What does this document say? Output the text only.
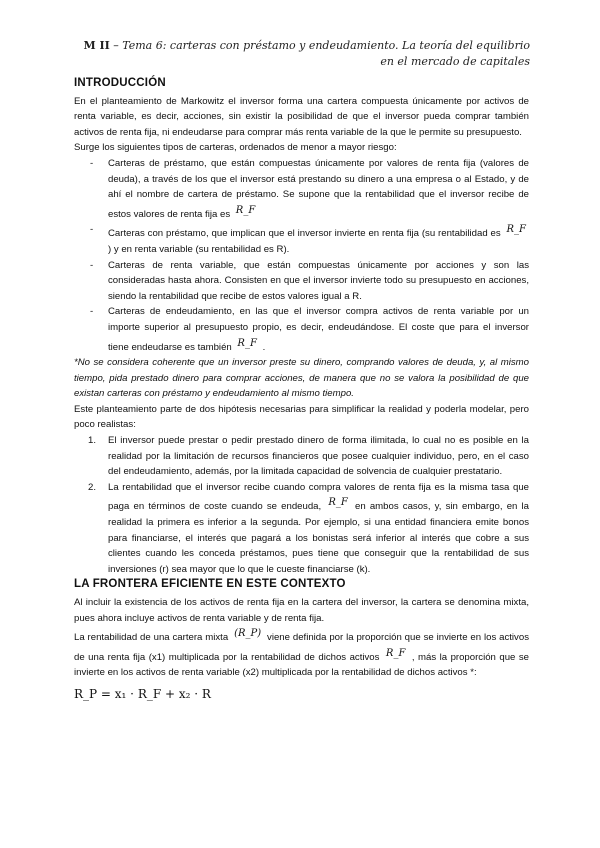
M II – Tema 6: carteras con préstamo y endeudamiento. La teoría del equilibrio en el mercado de capitales
INTRODUCCIÓN

En el planteamiento de Markowitz el inversor forma una cartera compuesta únicamente por activos de renta variable, es decir, acciones, sin existir la posibilidad de que el inversor pueda comprar también activos de renta fija, ni endeudarse para comprar más renta variable de la que le permite su presupuesto.

Surge los siguientes tipos de carteras, ordenados de menor a mayor riesgo:

- Carteras de préstamo, que están compuestas únicamente por valores de renta fija (valores de deuda), a través de los que el inversor está prestando su dinero a una empresa o al Estado, y de ahí el nombre de cartera de préstamo. Se supone que la rentabilidad que el inversor recibe de estos valores de renta fija es R_F
- Carteras con préstamo, que implican que el inversor invierte en renta fija (su rentabilidad es R_F ) y en renta variable (su rentabilidad es R).
- Carteras de renta variable, que están compuestas únicamente por acciones y son las consideradas hasta ahora. Consisten en que el inversor invierte todo su presupuesto en acciones, siendo la rentabilidad que recibe de estos valores igual a R.
- Carteras de endeudamiento, en las que el inversor compra activos de renta variable por un importe superior al presupuesto propio, es decir, endeudándose. El coste que para el inversor tiene endeudarse es también R_F .

*No se considera coherente que un inversor preste su dinero, comprando valores de deuda, y, al mismo tiempo, pida prestado dinero para comprar acciones, de manera que no se valora la posibilidad de que existan carteras con préstamo y endeudamiento al mismo tiempo.

Este planteamiento parte de dos hipótesis necesarias para simplificar la realidad y poderla modelar, pero poco realistas:

1. El inversor puede prestar o pedir prestado dinero de forma ilimitada, lo cual no es posible en la realidad por la limitación de recursos financieros que posee cualquier individuo, pero, en el caso del endeudamiento, además, por la limitada capacidad de solvencia de cualquier prestatario.
2. La rentabilidad que el inversor recibe cuando compra valores de renta fija es la misma tasa que paga en términos de coste cuando se endeuda, R_F en ambos casos, y, sin embargo, en la realidad la primera es inferior a la segunda. Por ejemplo, si una entidad financiera emite bonos para financiarse, el interés que pagará a los bonistas será inferior al interés que cobre a sus clientes cuando les conceda préstamos, pues tiene que conseguir que la rentabilidad de sus inversiones (r) sea mayor que lo que le cueste financiarse (k).
LA FRONTERA EFICIENTE EN ESTE CONTEXTO

Al incluir la existencia de los activos de renta fija en la cartera del inversor, la cartera se denomina mixta, pues ahora incluye activos de renta variable y de renta fija.

La rentabilidad de una cartera mixta (R_P) viene definida por la proporción que se invierte en los activos de una renta fija (x1) multiplicada por la rentabilidad de dichos activos R_F , más la proporción que se invierte en los activos de renta variable (x2) multiplicada por la rentabilidad de dichos activos *:

R_P = x₁ · R_F + x₂ · R
